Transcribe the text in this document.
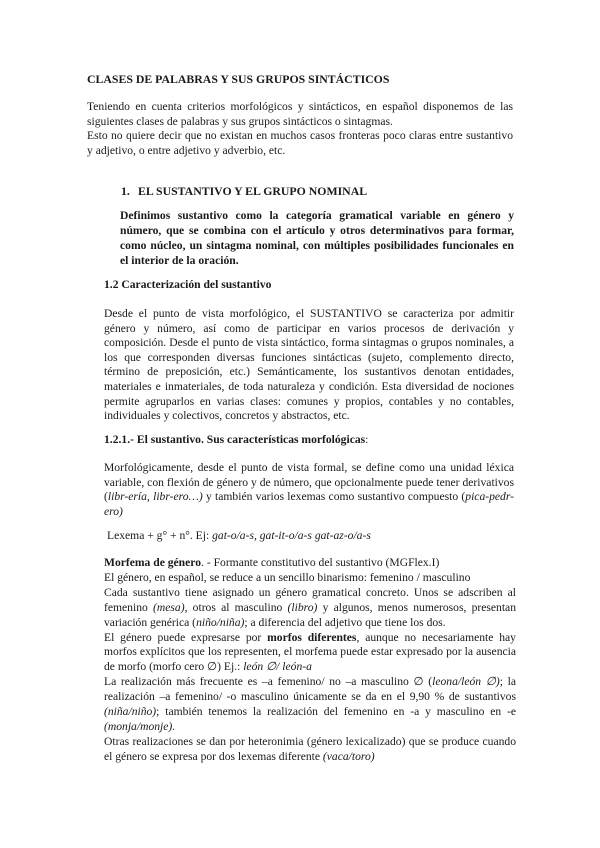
CLASES DE PALABRAS Y SUS GRUPOS SINTÁCTICOS
Teniendo en cuenta criterios morfológicos y sintácticos, en español disponemos de las siguientes clases de palabras y sus grupos sintácticos o sintagmas.
Esto no quiere decir que no existan en muchos casos fronteras poco claras entre sustantivo y adjetivo, o entre adjetivo y adverbio, etc.
1. EL SUSTANTIVO Y EL GRUPO NOMINAL
Definimos sustantivo como la categoría gramatical variable en género y número, que se combina con el artículo y otros determinativos para formar, como núcleo, un sintagma nominal, con múltiples posibilidades funcionales en el interior de la oración.
1.2 Caracterización del sustantivo
Desde el punto de vista morfológico, el SUSTANTIVO se caracteriza por admitir género y número, así como de participar en varios procesos de derivación y composición. Desde el punto de vista sintáctico, forma sintagmas o grupos nominales, a los que corresponden diversas funciones sintácticas (sujeto, complemento directo, término de preposición, etc.) Semánticamente, los sustantivos denotan entidades, materiales e inmateriales, de toda naturaleza y condición. Esta diversidad de nociones permite agruparlos en varias clases: comunes y propios, contables y no contables, individuales y colectivos, concretos y abstractos, etc.
1.2.1.- El sustantivo. Sus características morfológicas:
Morfológicamente, desde el punto de vista formal, se define como una unidad léxica variable, con flexión de género y de número, que opcionalmente puede tener derivativos (libr-ería, libr-ero…) y también varios lexemas como sustantivo compuesto (pica-pedr-ero)
Lexema + g° + n°. Ej: gat-o/a-s, gat-it-o/a-s gat-az-o/a-s
Morfema de género. - Formante constitutivo del sustantivo (MGFlex.I)
El género, en español, se reduce a un sencillo binarismo: femenino / masculino
Cada sustantivo tiene asignado un género gramatical concreto. Unos se adscriben al femenino (mesa), otros al masculino (libro) y algunos, menos numerosos, presentan variación genérica (niño/niña); a diferencia del adjetivo que tiene los dos.
El género puede expresarse por morfos diferentes, aunque no necesariamente hay morfos explícitos que los representen, el morfema puede estar expresado por la ausencia de morfo (morfo cero ∅) Ej.: león ∅/ león-a
La realización más frecuente es –a femenino/ no –a masculino ∅ (leona/león ∅); la realización –a femenino/ -o masculino únicamente se da en el 9,90 % de sustantivos (niña/niño); también tenemos la realización del femenino en -a y masculino en -e (monja/monje).
Otras realizaciones se dan por heteronimia (género lexicalizado) que se produce cuando el género se expresa por dos lexemas diferente (vaca/toro)
